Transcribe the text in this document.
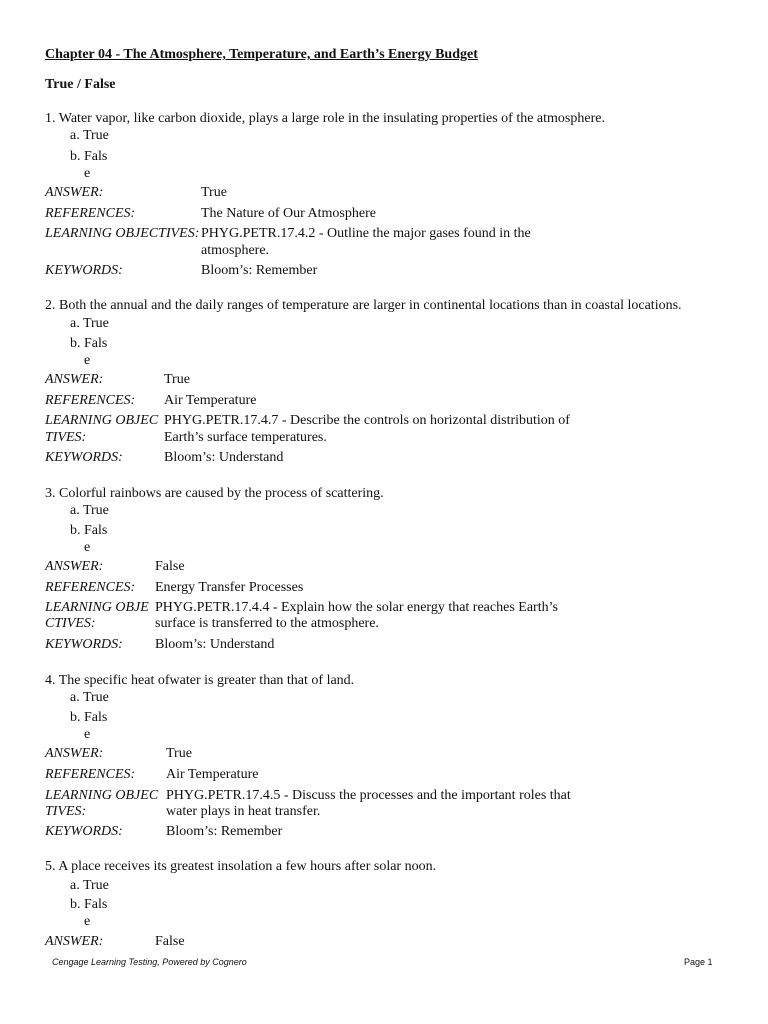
Chapter 04 - The Atmosphere, Temperature, and Earth’s Energy Budget
True / False
1. Water vapor, like carbon dioxide, plays a large role in the insulating properties of the atmosphere.
a. True
b. Fals
e
ANSWER:	True
REFERENCES:	The Nature of Our Atmosphere
LEARNING OBJECTIVES: PHYG.PETR.17.4.2 - Outline the major gases found in the
atmosphere.
KEYWORDS:	Bloom’s: Remember
2. Both the annual and the daily ranges of temperature are larger in continental locations than in coastal locations.
a. True
b. Fals
e
ANSWER:	True
REFERENCES: Air Temperature
LEARNING OBJEC
TIVES:
PHYG.PETR.17.4.7 - Describe the controls on horizontal distribution of
Earth’s surface temperatures.
KEYWORDS:	Bloom’s: Understand
3. Colorful rainbows are caused by the process of scattering.
a. True
b. Fals
e
ANSWER:	False
REFERENCES: Energy Transfer Processes
LEARNING OBJE
CTIVES:
PHYG.PETR.17.4.4 - Explain how the solar energy that reaches Earth’s
surface is transferred to the atmosphere.
KEYWORDS: Bloom’s: Understand
4. The specific heat ofwater is greater than that of land.
a. True
b. Fals
e
ANSWER:	True
REFERENCES: Air Temperature
LEARNING OBJEC
TIVES:
PHYG.PETR.17.4.5 - Discuss the processes and the important roles that
water plays in heat transfer.
KEYWORDS:	Bloom’s: Remember
5. A place receives its greatest insolation a few hours after solar noon.
a. True
b. Fals
e
ANSWER:	False
Cengage Learning Testing, Powered by Cognero	Page 1
